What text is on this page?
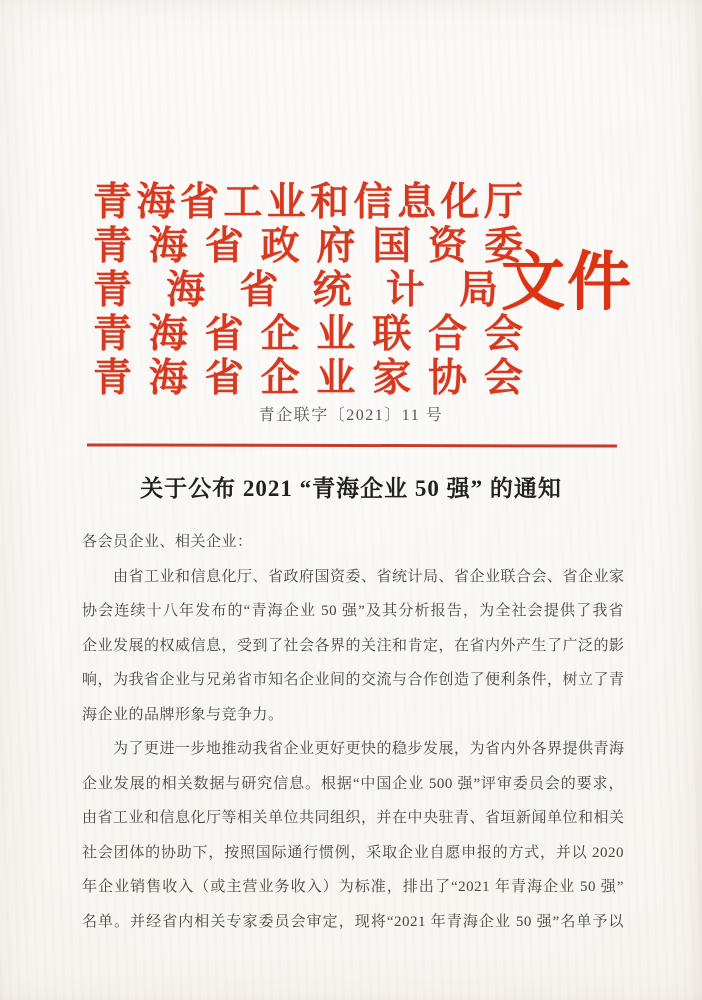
青海省工业和信息化厅
青海省政府国资委
青海省统计局
青海省企业联合会
青海省企业家协会
文件
青企联字〔2021〕11 号
关于公布 2021 “青海企业 50 强” 的通知

各会员企业、相关企业：

由省工业和信息化厅、省政府国资委、省统计局、省企业联合会、省企业家

协会连续十八年发布的“青海企业 50 强”及其分析报告，为全社会提供了我省

企业发展的权威信息，受到了社会各界的关注和肯定，在省内外产生了广泛的影

响，为我省企业与兄弟省市知名企业间的交流与合作创造了便利条件，树立了青

海企业的品牌形象与竞争力。

为了更进一步地推动我省企业更好更快的稳步发展，为省内外各界提供青海

企业发展的相关数据与研究信息。根据“中国企业 500 强”评审委员会的要求，

由省工业和信息化厅等相关单位共同组织，并在中央驻青、省垣新闻单位和相关

社会团体的协助下，按照国际通行惯例，采取企业自愿申报的方式，并以 2020

年企业销售收入（或主营业务收入）为标准，排出了“2021 年青海企业 50 强”

名单。并经省内相关专家委员会审定，现将“2021 年青海企业 50 强”名单予以
